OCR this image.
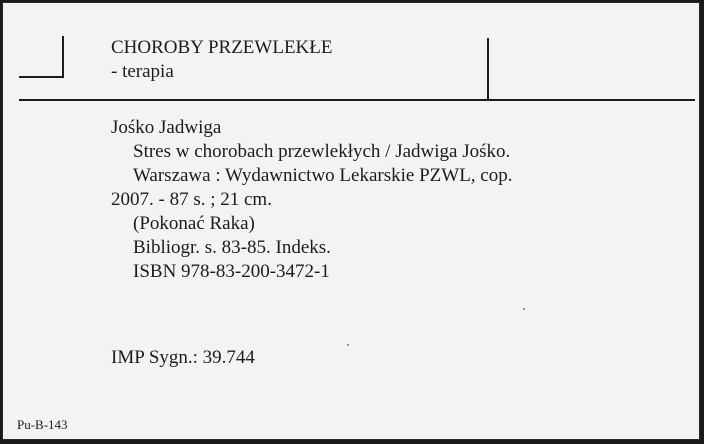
CHOROBY PRZEWLEKŁE
- terapia
Jośko Jadwiga
Stres w chorobach przewlekłych / Jadwiga Jośko.
Warszawa : Wydawnictwo Lekarskie PZWL, cop.
2007. - 87 s. ; 21 cm.
(Pokonać Raka)
Bibliogr. s. 83-85. Indeks.
ISBN 978-83-200-3472-1
IMP Sygn.: 39.744
Pu-B-143
